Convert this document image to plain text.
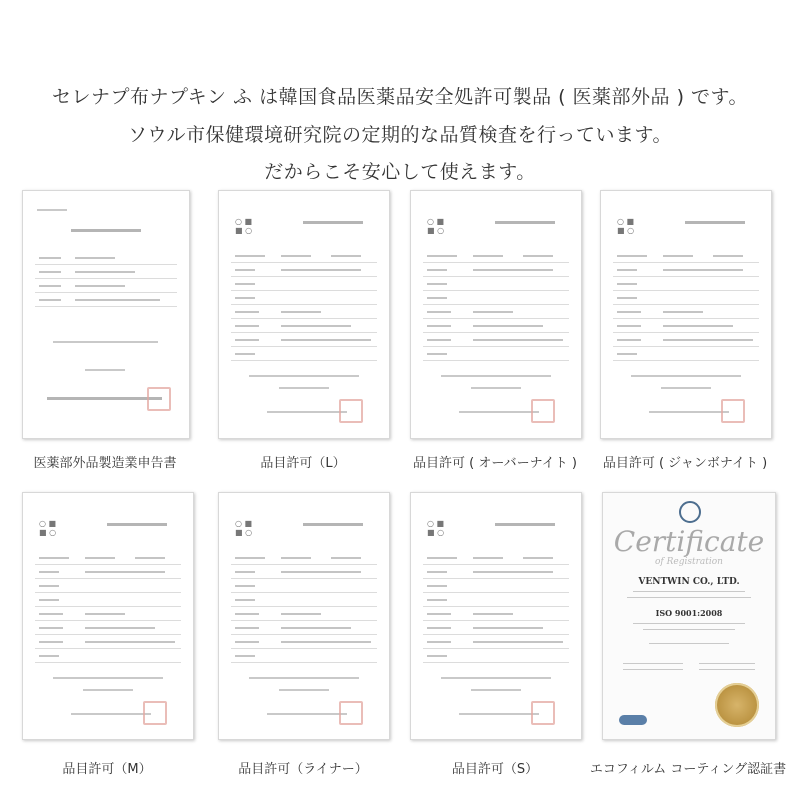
セレナプ布ナプキン ふ は韓国食品医薬品安全処許可製品 ( 医薬部外品 ) です。
ソウル市保健環境研究院の定期的な品質検査を行っています。
だからこそ安心して使えます。
医薬部外品製造業申告書
○ ■
■ ○
品目許可（L）
○ ■
■ ○
品目許可 ( オーバーナイト )
○ ■
■ ○
品目許可 ( ジャンボナイト )
○ ■
■ ○
品目許可（M）
○ ■
■ ○
品目許可（ライナー）
○ ■
■ ○
品目許可（S）
Certificate
of Registration
VENTWIN CO., LTD.
ISO 9001:2008
エコフィルム コーティング認証書
